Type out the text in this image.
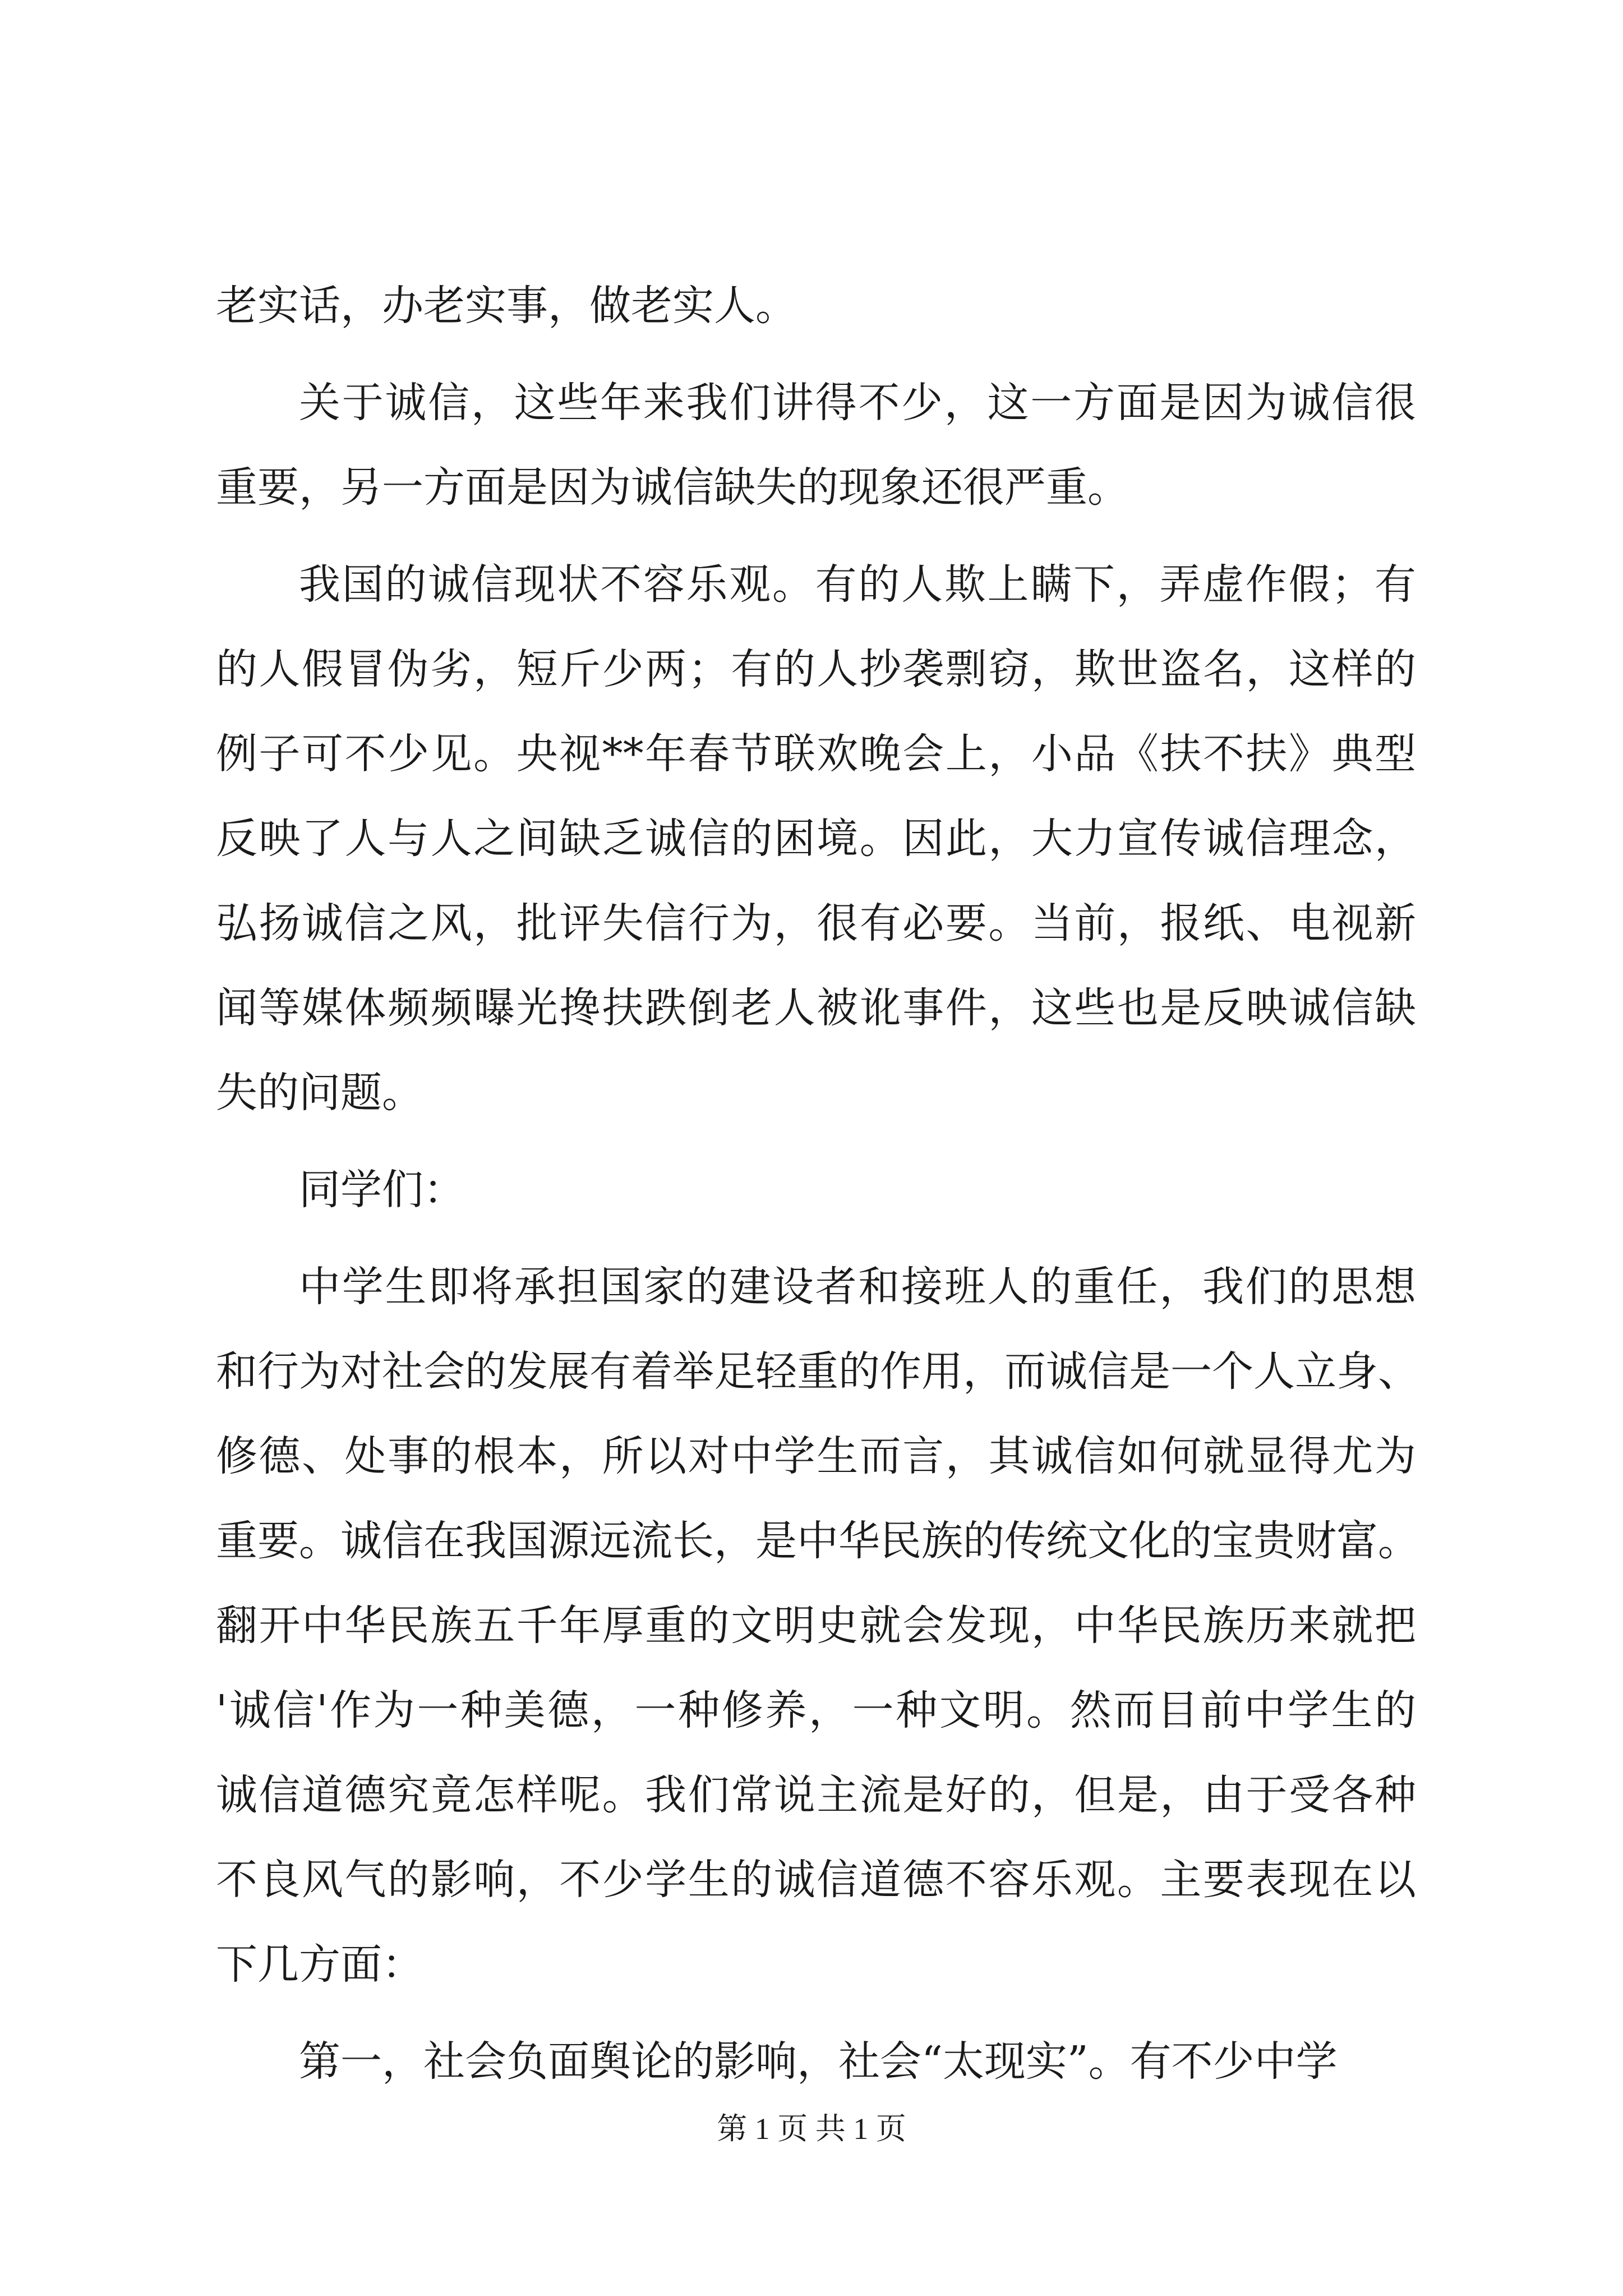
老实话，办老实事，做老实人。
关于诚信，这些年来我们讲得不少，这一方面是因为诚信很
重要，另一方面是因为诚信缺失的现象还很严重。
我国的诚信现状不容乐观。有的人欺上瞒下，弄虚作假；有
的人假冒伪劣，短斤少两；有的人抄袭剽窃，欺世盗名，这样的
例子可不少见。央视**年春节联欢晚会上，小品《扶不扶》典型
反映了人与人之间缺乏诚信的困境。因此，大力宣传诚信理念，
弘扬诚信之风，批评失信行为，很有必要。当前，报纸、电视新
闻等媒体频频曝光搀扶跌倒老人被讹事件，这些也是反映诚信缺
失的问题。
同学们：
中学生即将承担国家的建设者和接班人的重任，我们的思想
和行为对社会的发展有着举足轻重的作用，而诚信是一个人立身、
修德、处事的根本，所以对中学生而言，其诚信如何就显得尤为
重要。诚信在我国源远流长，是中华民族的传统文化的宝贵财富。
翻开中华民族五千年厚重的文明史就会发现，中华民族历来就把
'诚信'作为一种美德，一种修养，一种文明。然而目前中学生的
诚信道德究竟怎样呢。我们常说主流是好的，但是，由于受各种
不良风气的影响，不少学生的诚信道德不容乐观。主要表现在以
下几方面：
第一，社会负面舆论的影响，社会“太现实”。有不少中学
第 1 页 共 1 页
